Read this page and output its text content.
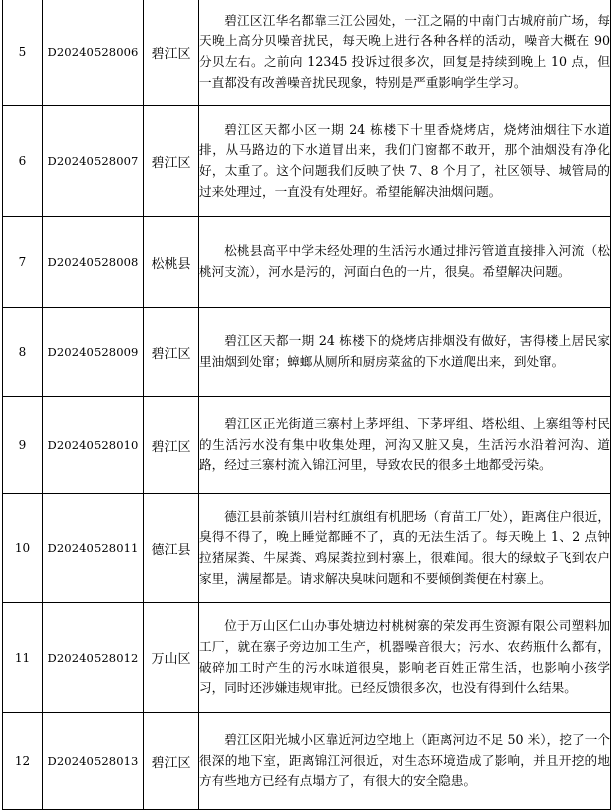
5	D20240528006	碧江区	碧江区江华名都靠三江公园处，一江之隔的中南门古城府前广场，每天晚上高分贝噪音扰民，每天晚上进行各种各样的活动，噪音大概在 90 分贝左右。之前向 12345 投诉过很多次，回复是持续到晚上 10 点，但一直都没有改善噪音扰民现象，特别是严重影响学生学习。

6	D20240528007	碧江区	碧江区天都小区一期 24 栋楼下十里香烧烤店，烧烤油烟往下水道排，从马路边的下水道冒出来，我们门窗都不敢开，那个油烟没有净化好，太重了。这个问题我们反映了快 7、8 个月了，社区领导、城管局的过来处理过，一直没有处理好。希望能解决油烟问题。

7	D20240528008	松桃县	松桃县高平中学未经处理的生活污水通过排污管道直接排入河流（松桃河支流），河水是污的，河面白色的一片，很臭。希望解决问题。

8	D20240528009	碧江区	碧江区天都一期 24 栋楼下的烧烤店排烟没有做好，害得楼上居民家里油烟到处窜；蟑螂从厕所和厨房菜盆的下水道爬出来，到处窜。

9	D20240528010	碧江区	碧江区正光街道三寨村上茅坪组、下茅坪组、塔松组、上寨组等村民的生活污水没有集中收集处理，河沟又脏又臭，生活污水沿着河沟、道路，经过三寨村流入锦江河里，导致农民的很多土地都受污染。

10	D20240528011	德江县	德江县前茶镇川岩村红旗组有机肥场（育苗工厂处），距离住户很近，臭得不得了，晚上睡觉都睡不了，真的无法生活了。每天晚上 1、2 点钟拉猪屎粪、牛屎粪、鸡屎粪拉到村寨上，很难闻。很大的绿蚊子飞到农户家里，满屋都是。请求解决臭味问题和不要倾倒粪便在村寨上。

11	D20240528012	万山区	位于万山区仁山办事处塘边村桃树寨的荣发再生资源有限公司塑料加工厂，就在寨子旁边加工生产，机器噪音很大；污水、农药瓶什么都有，破碎加工时产生的污水味道很臭，影响老百姓正常生活，也影响小孩学习，同时还涉嫌违规审批。已经反馈很多次，也没有得到什么结果。

12	D20240528013	碧江区	碧江区阳光城小区靠近河边空地上（距离河边不足 50 米），挖了一个很深的地下室，距离锦江河很近，对生态环境造成了影响，并且开挖的地方有些地方已经有点塌方了，有很大的安全隐患。
